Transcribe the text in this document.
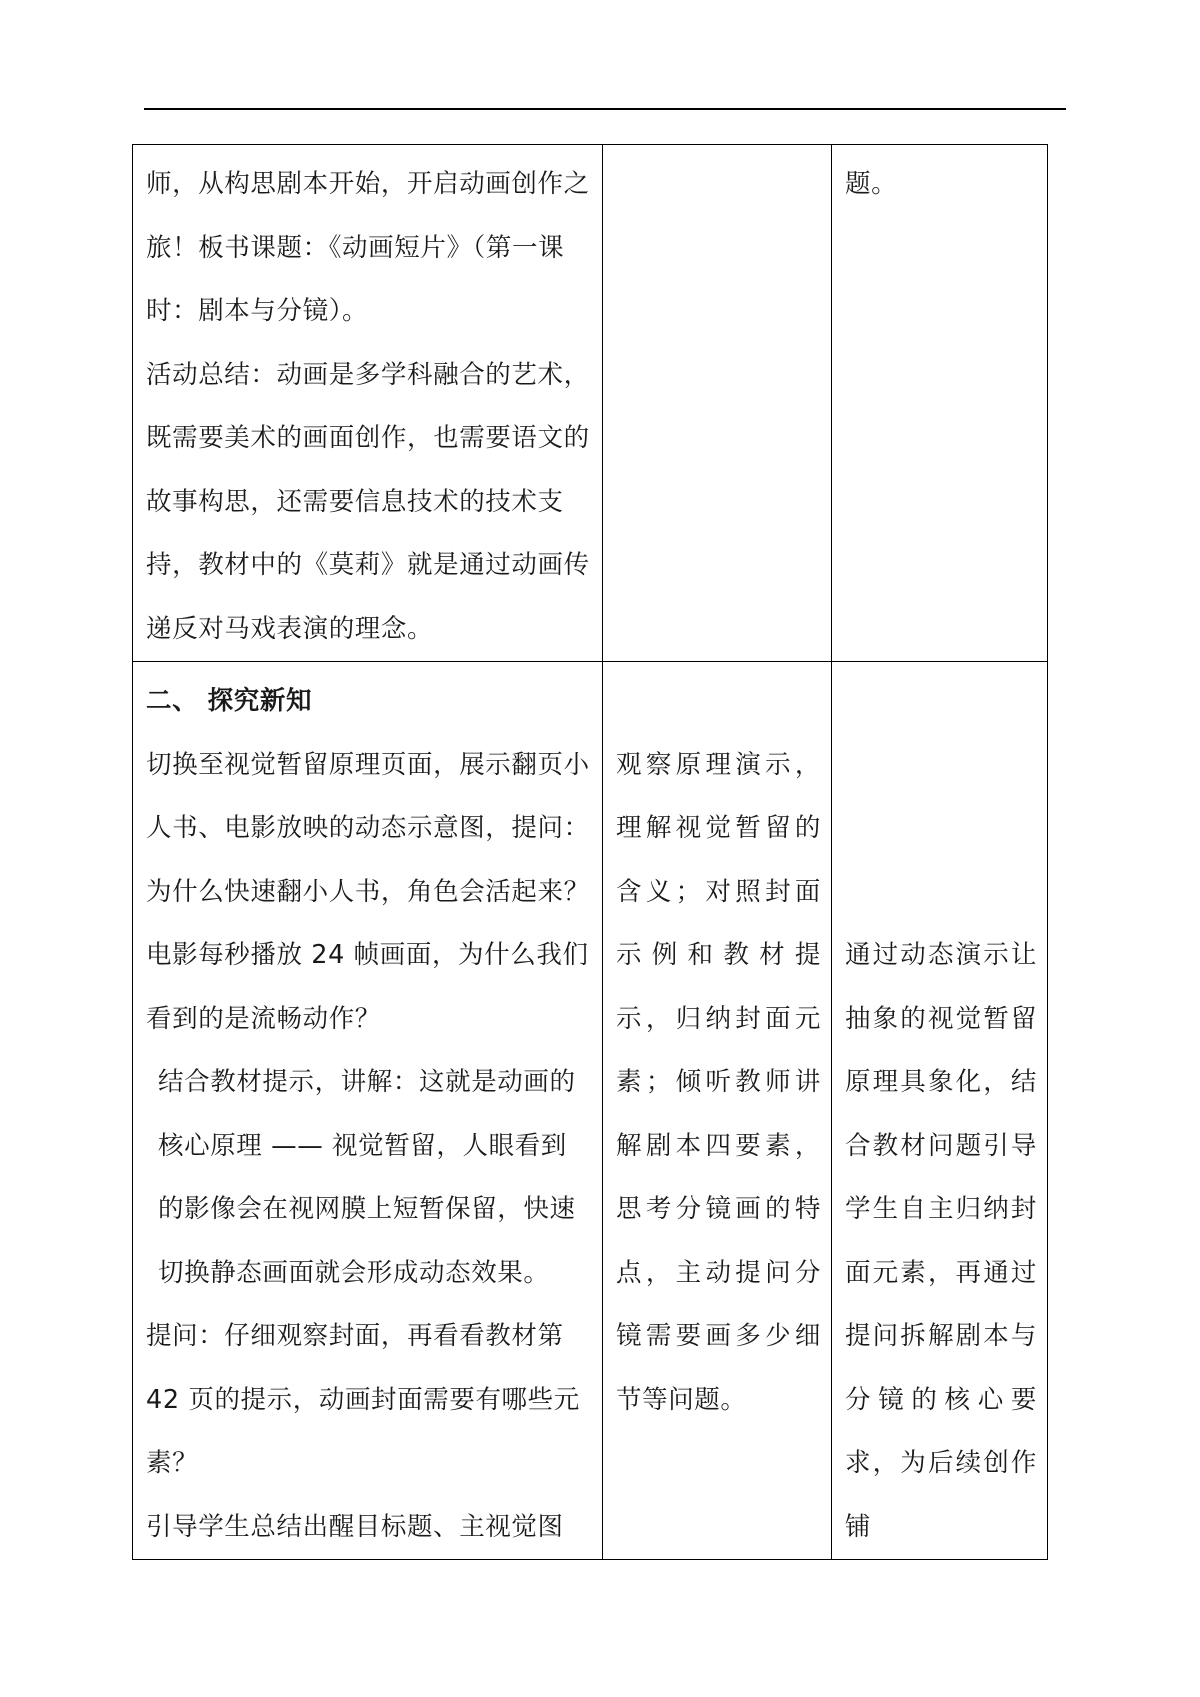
师，从构思剧本开始，开启动画创作之旅！板书课题：《动画短片》（第一课时：剧本与分镜）。
活动总结：动画是多学科融合的艺术，既需要美术的画面创作，也需要语文的故事构思，还需要信息技术的技术支持，教材中的《莫莉》就是通过动画传递反对马戏表演的理念。		题。

二、 探究新知
切换至视觉暂留原理页面，展示翻页小人书、电影放映的动态示意图，提问：为什么快速翻小人书，角色会活起来？电影每秒播放 24 帧画面，为什么我们看到的是流畅动作？
结合教材提示，讲解：这就是动画的核心原理 —— 视觉暂留，人眼看到的影像会在视网膜上短暂保留，快速切换静态画面就会形成动态效果。
提问：仔细观察封面，再看看教材第 42 页的提示，动画封面需要有哪些元素？
引导学生总结出醒目标题、主视觉图	观察原理演示，理解视觉暂留的含义；对照封面示例和教材提示，归纳封面元素；倾听教师讲解剧本四要素，思考分镜画的特点，主动提问分镜需要画多少细节等问题。	通过动态演示让抽象的视觉暂留原理具象化，结合教材问题引导学生自主归纳封面元素，再通过提问拆解剧本与分镜的核心要求，为后续创作铺
